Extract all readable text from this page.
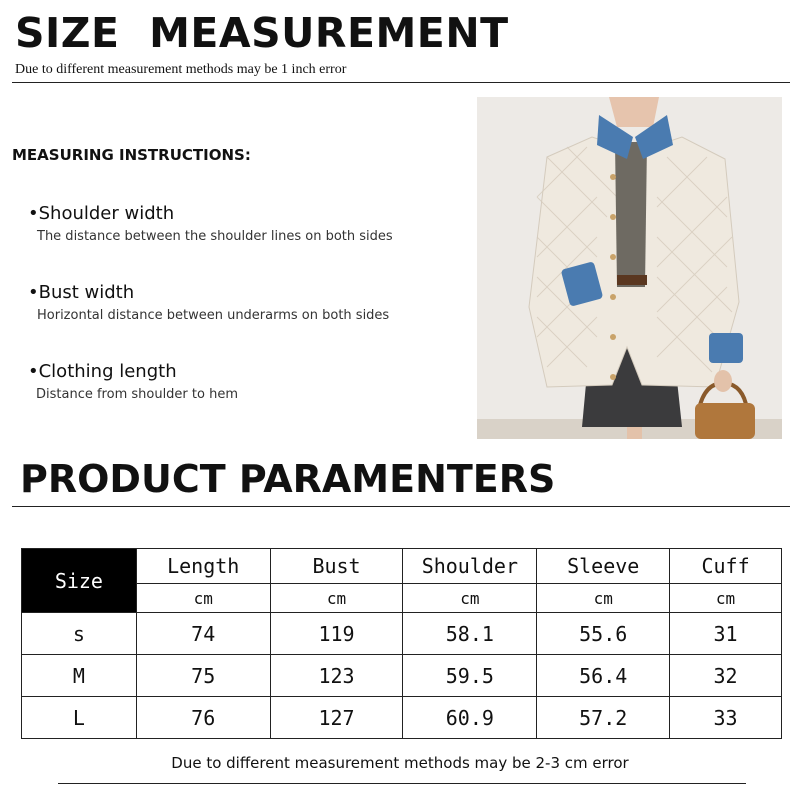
SIZE  MEASUREMENT
Due to different measurement methods may be 1 inch error
MEASURING INSTRUCTIONS:
•Shoulder width
The distance between the shoulder lines on both sides
•Bust width
Horizontal distance between underarms on both sides
•Clothing length
Distance from shoulder to hem
PRODUCT PARAMENTERS
Size	Length	Bust	Shoulder	Sleeve	Cuff
	cm	cm	cm	cm	cm
s	74	119	58.1	55.6	31
M	75	123	59.5	56.4	32
L	76	127	60.9	57.2	33
Due to different measurement methods may be 2-3 cm error
